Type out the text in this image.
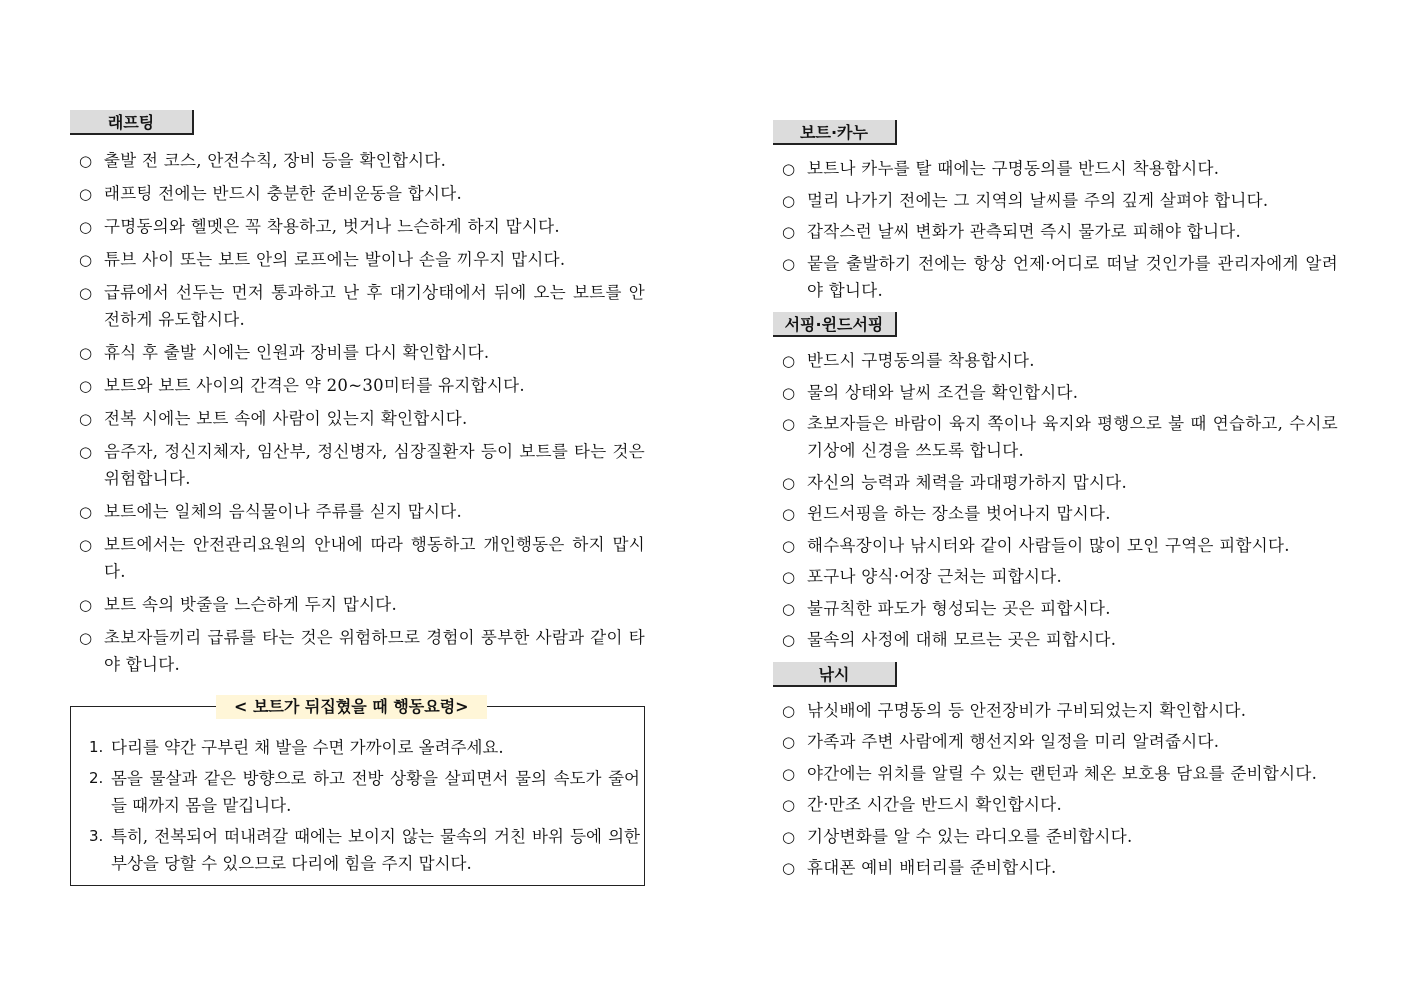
래프팅
○ 출발 전 코스, 안전수칙, 장비 등을 확인합시다.
○ 래프팅 전에는 반드시 충분한 준비운동을 합시다.
○ 구명동의와 헬멧은 꼭 착용하고, 벗거나 느슨하게 하지 맙시다.
○ 튜브 사이 또는 보트 안의 로프에는 발이나 손을 끼우지 맙시다.
○ 급류에서 선두는 먼저 통과하고 난 후 대기상태에서 뒤에 오는 보트를 안전하게 유도합시다.
○ 휴식 후 출발 시에는 인원과 장비를 다시 확인합시다.
○ 보트와 보트 사이의 간격은 약 20~30미터를 유지합시다.
○ 전복 시에는 보트 속에 사람이 있는지 확인합시다.
○ 음주자, 정신지체자, 임산부, 정신병자, 심장질환자 등이 보트를 타는 것은 위험합니다.
○ 보트에는 일체의 음식물이나 주류를 싣지 맙시다.
○ 보트에서는 안전관리요원의 안내에 따라 행동하고 개인행동은 하지 맙시다.
○ 보트 속의 밧줄을 느슨하게 두지 맙시다.
○ 초보자들끼리 급류를 타는 것은 위험하므로 경험이 풍부한 사람과 같이 타야 합니다.
< 보트가 뒤집혔을 때 행동요령>
1. 다리를 약간 구부린 채 발을 수면 가까이로 올려주세요.
2. 몸을 물살과 같은 방향으로 하고 전방 상황을 살피면서 물의 속도가 줄어들 때까지 몸을 맡깁니다.
3. 특히, 전복되어 떠내려갈 때에는 보이지 않는 물속의 거친 바위 등에 의한 부상을 당할 수 있으므로 다리에 힘을 주지 맙시다.
보트·카누
○ 보트나 카누를 탈 때에는 구명동의를 반드시 착용합시다.
○ 멀리 나가기 전에는 그 지역의 날씨를 주의 깊게 살펴야 합니다.
○ 갑작스런 날씨 변화가 관측되면 즉시 물가로 피해야 합니다.
○ 뭍을 출발하기 전에는 항상 언제·어디로 떠날 것인가를 관리자에게 알려야 합니다.
서핑·윈드서핑
○ 반드시 구명동의를 착용합시다.
○ 물의 상태와 날씨 조건을 확인합시다.
○ 초보자들은 바람이 육지 쪽이나 육지와 평행으로 불 때 연습하고, 수시로 기상에 신경을 쓰도록 합니다.
○ 자신의 능력과 체력을 과대평가하지 맙시다.
○ 윈드서핑을 하는 장소를 벗어나지 맙시다.
○ 해수욕장이나 낚시터와 같이 사람들이 많이 모인 구역은 피합시다.
○ 포구나 양식·어장 근처는 피합시다.
○ 불규칙한 파도가 형성되는 곳은 피합시다.
○ 물속의 사정에 대해 모르는 곳은 피합시다.
낚시
○ 낚싯배에 구명동의 등 안전장비가 구비되었는지 확인합시다.
○ 가족과 주변 사람에게 행선지와 일정을 미리 알려줍시다.
○ 야간에는 위치를 알릴 수 있는 랜턴과 체온 보호용 담요를 준비합시다.
○ 간·만조 시간을 반드시 확인합시다.
○ 기상변화를 알 수 있는 라디오를 준비합시다.
○ 휴대폰 예비 배터리를 준비합시다.
